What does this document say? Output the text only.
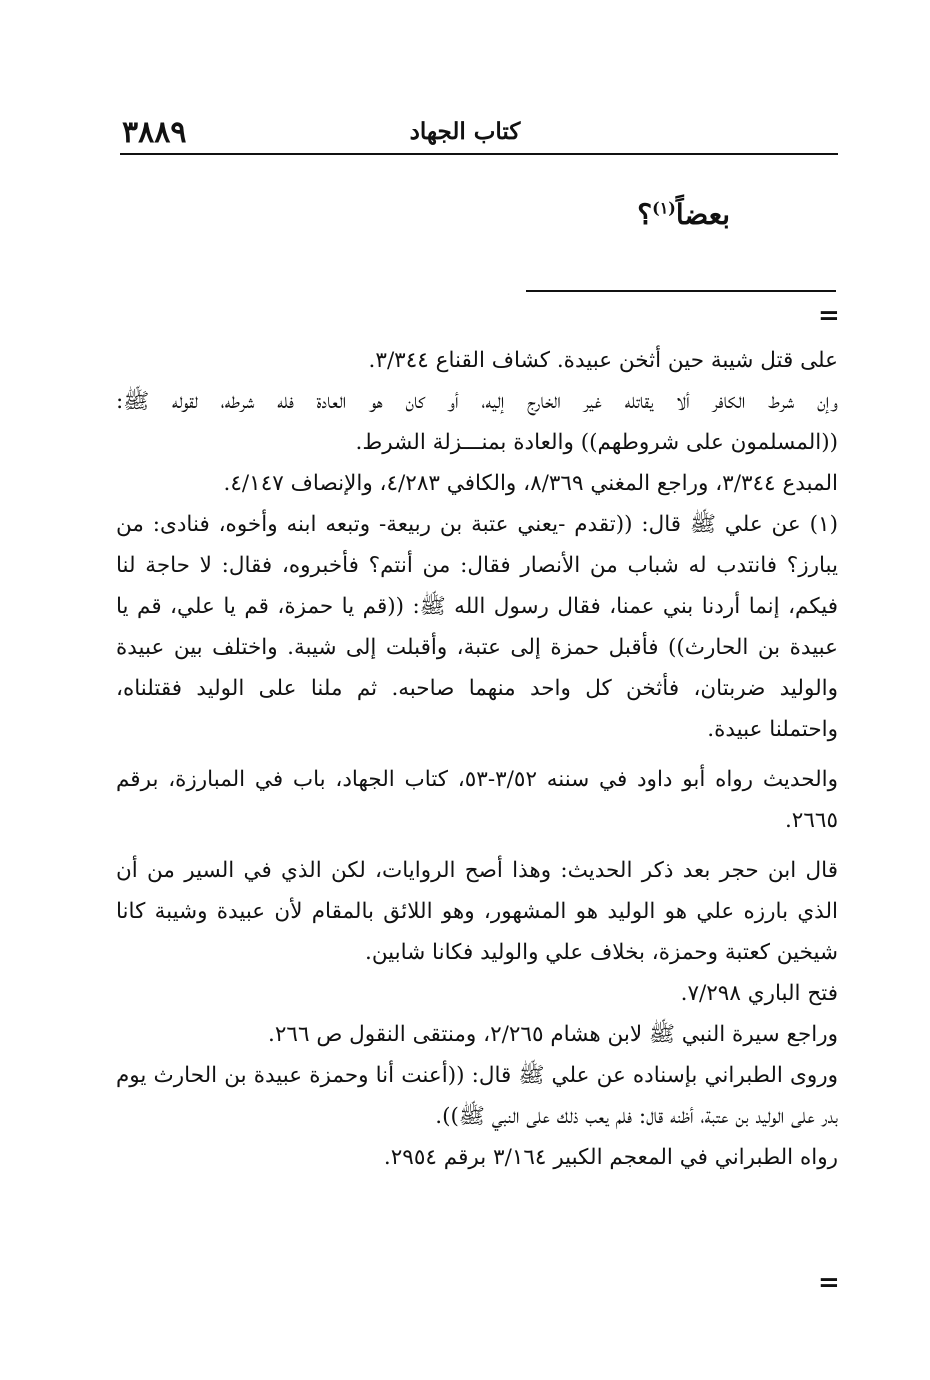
٣٨٨٩	كتاب الجهاد
بعضاً$^{(١)}$؟
=
على قتل شيبة حين أثخن عبيدة. كشاف القناع ٣/٣٤٤.
وإن شرط الكافر ألا يقاتله غير الخارج إليه، أو كان هو العادة فله شرطه، لقوله ﷺ:
((المسلمون على شروطهم)) والعادة بمنـــزلة الشرط.
المبدع ٣/٣٤٤، وراجع المغني ٨/٣٦٩، والكافي ٤/٢٨٣، والإنصاف ٤/١٤٧.
(١) عن علي ﷺ قال: ((تقدم -يعني عتبة بن ربيعة- وتبعه ابنه وأخوه، فنادى: من
يبارز؟ فانتدب له شباب من الأنصار فقال: من أنتم؟ فأخبروه، فقال: لا حاجة لنا
فيكم، إنما أردنا بني عمنا، فقال رسول الله ﷺ: ((قم يا حمزة، قم يا علي، قم يا
عبيدة بن الحارث)) فأقبل حمزة إلى عتبة، وأقبلت إلى شيبة. واختلف بين عبيدة
والوليد ضربتان، فأثخن كل واحد منهما صاحبه. ثم ملنا على الوليد فقتلناه،
واحتملنا عبيدة.
والحديث رواه أبو داود في سننه ٣/٥٢-٥٣، كتاب الجهاد، باب في المبارزة، برقم
٢٦٦٥.
قال ابن حجر بعد ذكر الحديث: وهذا أصح الروايات، لكن الذي في السير من أن
الذي بارزه علي هو الوليد هو المشهور، وهو اللائق بالمقام لأن عبيدة وشيبة كانا
شيخين كعتبة وحمزة، بخلاف علي والوليد فكانا شابين.
فتح الباري ٧/٢٩٨.
وراجع سيرة النبي ﷺ لابن هشام ٢/٢٦٥، ومنتقى النقول ص ٢٦٦.
وروى الطبراني بإسناده عن علي ﷺ قال: ((أعنت أنا وحمزة عبيدة بن الحارث يوم
بدر على الوليد بن عتبة، أظنه قال: فلم يعب ذلك على النبي ﷺ)).
رواه الطبراني في المعجم الكبير ٣/١٦٤ برقم ٢٩٥٤.
=
